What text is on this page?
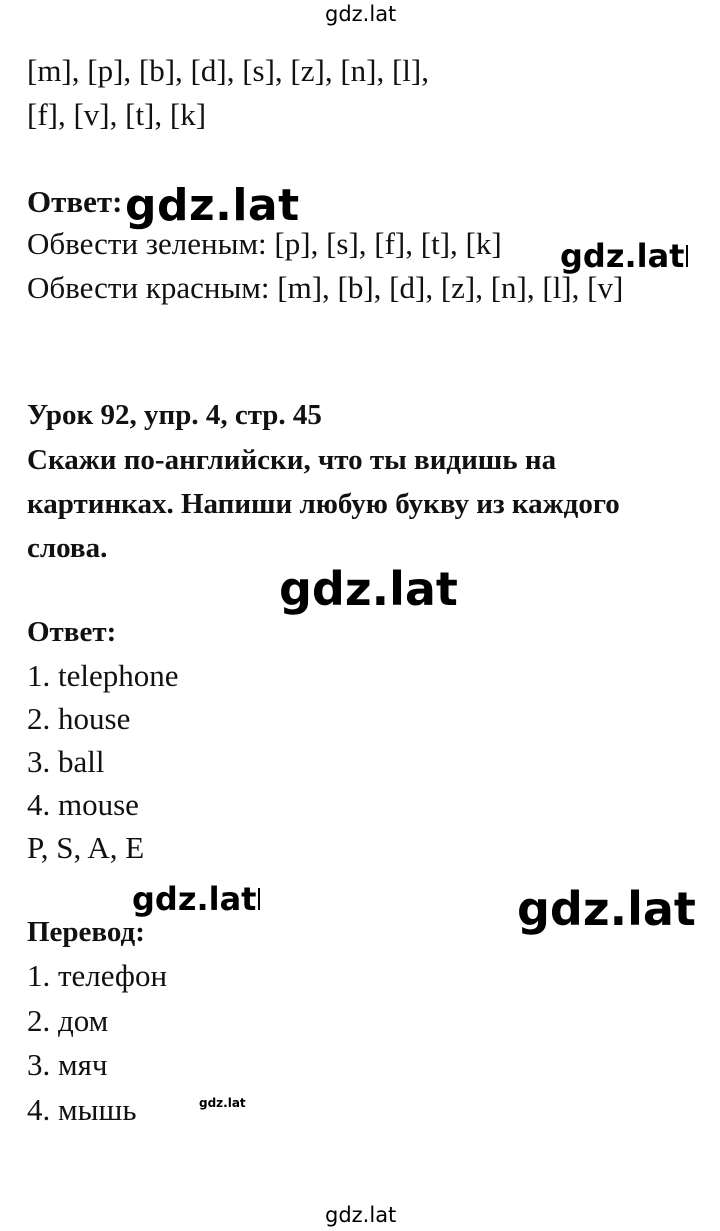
gdz.lat
[m], [p], [b], [d], [s], [z], [n], [l],
[f], [v], [t], [k]
Ответ: gdz.lat
Обвести зеленым: [p], [s], [f], [t], [k] gdz.lat
Обвести красным: [m], [b], [d], [z], [n], [l], [v]
Урок 92, упр. 4, стр. 45
Скажи по-английски, что ты видишь на
картинках. Напиши любую букву из каждого
слова.
gdz.lat
Ответ:
1. telephone
2. house
3. ball
4. mouse
P, S, A, E
gdz.lat	gdz.lat
Перевод:
1. телефон
2. дом
3. мяч
4. мышь	gdz.lat
gdz.lat
